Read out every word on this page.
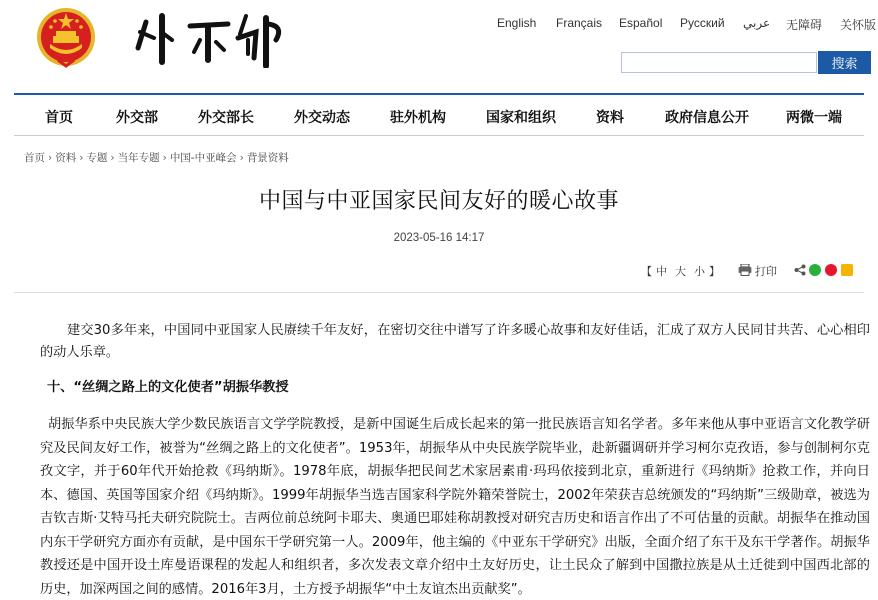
English Français Español Русский عربي 无障碍 关怀版
搜索
首页	外交部	外交部长	外交动态	驻外机构	国家和组织	资料	政府信息公开	两微一端
首页 › 资料 › 专题 › 当年专题 › 中国-中亚峰会 › 背景资料
中国与中亚国家民间友好的暖心故事
2023-05-16 14:17
【 中 大 小 】	打印

建交30多年来，中国同中亚国家人民赓续千年友好，在密切交往中谱写了许多暖心故事和友好佳话，汇成了双方人民同甘共苦、心心相印的动人乐章。

十、“丝绸之路上的文化使者”胡振华教授

胡振华系中央民族大学少数民族语言文学学院教授，是新中国诞生后成长起来的第一批民族语言知名学者。多年来他从事中亚语言文化教学研究及民间友好工作，被誉为“丝绸之路上的文化使者”。1953年，胡振华从中央民族学院毕业，赴新疆调研并学习柯尔克孜语，参与创制柯尔克孜文字，并于60年代开始抢救《玛纳斯》。1978年底，胡振华把民间艺术家居素甫·玛玛依接到北京，重新进行《玛纳斯》抢救工作，并向日本、德国、英国等国家介绍《玛纳斯》。1999年胡振华当选吉国家科学院外籍荣誉院士，2002年荣获吉总统颁发的“玛纳斯”三级勋章，被选为吉钦吉斯·艾特马托夫研究院院士。吉两位前总统阿卡耶夫、奥通巴耶娃称胡教授对研究吉历史和语言作出了不可估量的贡献。胡振华在推动国内东干学研究方面亦有贡献，是中国东干学研究第一人。2009年，他主编的《中亚东干学研究》出版，全面介绍了东干及东干学著作。胡振华教授还是中国开设土库曼语课程的发起人和组织者，多次发表文章介绍中土友好历史，让土民众了解到中国撒拉族是从土迁徙到中国西北部的历史，加深两国之间的感情。2016年3月，土方授予胡振华“中土友谊杰出贡献奖”。
